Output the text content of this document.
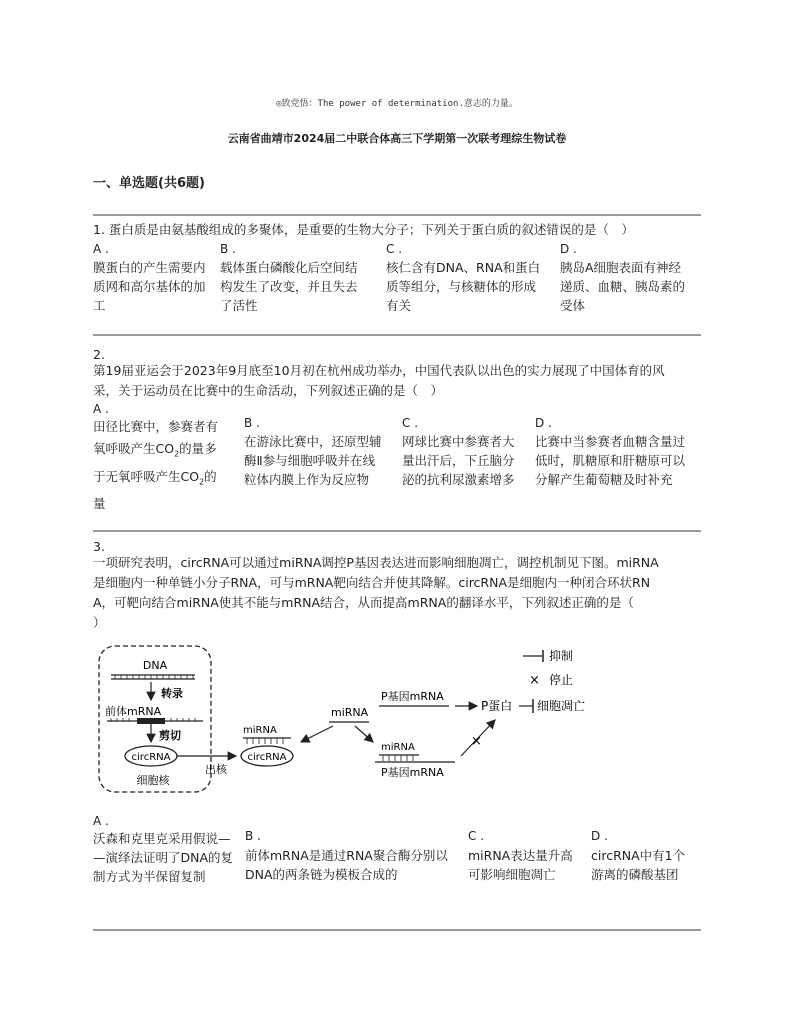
◎致党悟：The power of determination.意志的力量。
云南省曲靖市2024届二中联合体高三下学期第一次联考理综生物试卷
一、单选题(共6题)
1. 蛋白质是由氨基酸组成的多聚体，是重要的生物大分子；下列关于蛋白质的叙述错误的是（　）
A .
膜蛋白的产生需要内
质网和高尔基体的加
工
B .
载体蛋白磷酸化后空间结
构发生了改变，并且失去
了活性
C .
核仁含有DNA、RNA和蛋白
质等组分，与核糖体的形成
有关
D .
胰岛A细胞表面有神经
递质、血糖、胰岛素的
受体
2.
第19届亚运会于2023年9月底至10月初在杭州成功举办，中国代表队以出色的实力展现了中国体育的风
采，关于运动员在比赛中的生命活动，下列叙述正确的是（　）
A .
田径比赛中，参赛者有
氧呼吸产生$CO_2$的量多
于无氧呼吸产生$CO_2$的
量
B .
在游泳比赛中，还原型辅
酶Ⅱ参与细胞呼吸并在线
粒体内膜上作为反应物
C .
网球比赛中参赛者大
量出汗后，下丘脑分
泌的抗利尿激素增多
D .
比赛中当参赛者血糖含量过
低时，肌糖原和肝糖原可以
分解产生葡萄糖及时补充
3.
一项研究表明，circRNA可以通过miRNA调控P基因表达进而影响细胞凋亡，调控机制见下图。miRNA
是细胞内一种单链小分子RNA，可与mRNA靶向结合并使其降解。circRNA是细胞内一种闭合环状RN
A，可靶向结合miRNA使其不能与mRNA结合，从而提高mRNA的翻译水平，下列叙述正确的是（
）
DNA
转录
前体mRNA
剪切
circRNA
细胞核
出核
miRNA
circRNA
miRNA
P基因mRNA
P蛋白 细胞凋亡
miRNA
P基因mRNA
×
抑制
× 停止
A .
沃森和克里克采用假说—
—演绎法证明了DNA的复
制方式为半保留复制
B .
前体mRNA是通过RNA聚合酶分别以
DNA的两条链为模板合成的
C .
miRNA表达量升高
可影响细胞凋亡
D .
circRNA中有1个
游离的磷酸基团
